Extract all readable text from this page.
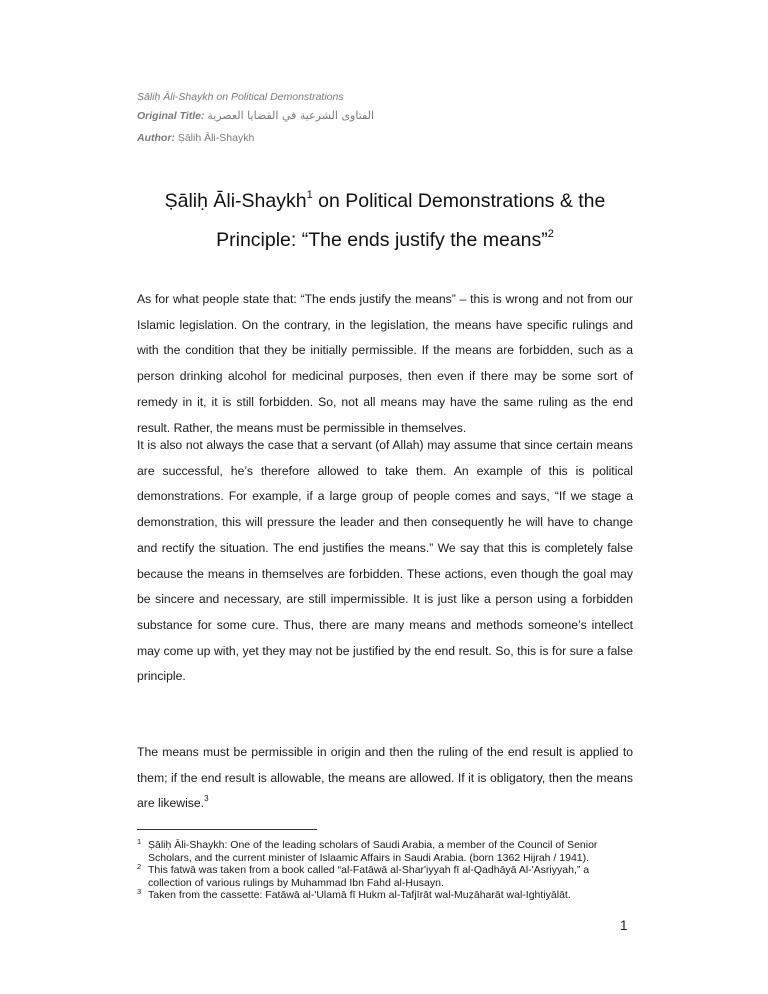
Ṣāliḥ Āli-Shaykh on Political Demonstrations
Original Title: الفتاوى الشرعية في القضايا العصرية
Author: Ṣāliḥ Āli-Shaykh
Ṣāliḥ Āli-Shaykh$^1$ on Political Demonstrations & the
Principle: “The ends justify the means”$^2$

As for what people state that: “The ends justify the means” – this is wrong and not from our Islamic legislation. On the contrary, in the legislation, the means have specific rulings and with the condition that they be initially permissible. If the means are forbidden, such as a person drinking alcohol for medicinal purposes, then even if there may be some sort of remedy in it, it is still forbidden. So, not all means may have the same ruling as the end result. Rather, the means must be permissible in themselves.

It is also not always the case that a servant (of Allah) may assume that since certain means are successful, he’s therefore allowed to take them. An example of this is political demonstrations. For example, if a large group of people comes and says, “If we stage a demonstration, this will pressure the leader and then consequently he will have to change and rectify the situation. The end justifies the means.” We say that this is completely false because the means in themselves are forbidden. These actions, even though the goal may be sincere and necessary, are still impermissible. It is just like a person using a forbidden substance for some cure. Thus, there are many means and methods someone’s intellect may come up with, yet they may not be justified by the end result. So, this is for sure a false principle.

The means must be permissible in origin and then the ruling of the end result is applied to them; if the end result is allowable, the means are allowed. If it is obligatory, then the means are likewise.$^3$

1 Ṣāliḥ Āli-Shaykh: One of the leading scholars of Saudi Arabia, a member of the Council of Senior Scholars, and the current minister of Islaamic Affairs in Saudi Arabia. (born 1362 Hijrah / 1941).
2 This fatwā was taken from a book called “al-Fatāwā al-Shar'iyyah fī al-Qadhāyā Al-'Asriyyah,” a collection of various rulings by Muhammad Ibn Fahd al-Ḥusayn.
3 Taken from the cassette: Fatāwā al-'Ulamā fī Hukm al-Tafjīrāt wal-Muẓāharāt wal-Ightiyālāt.
1
